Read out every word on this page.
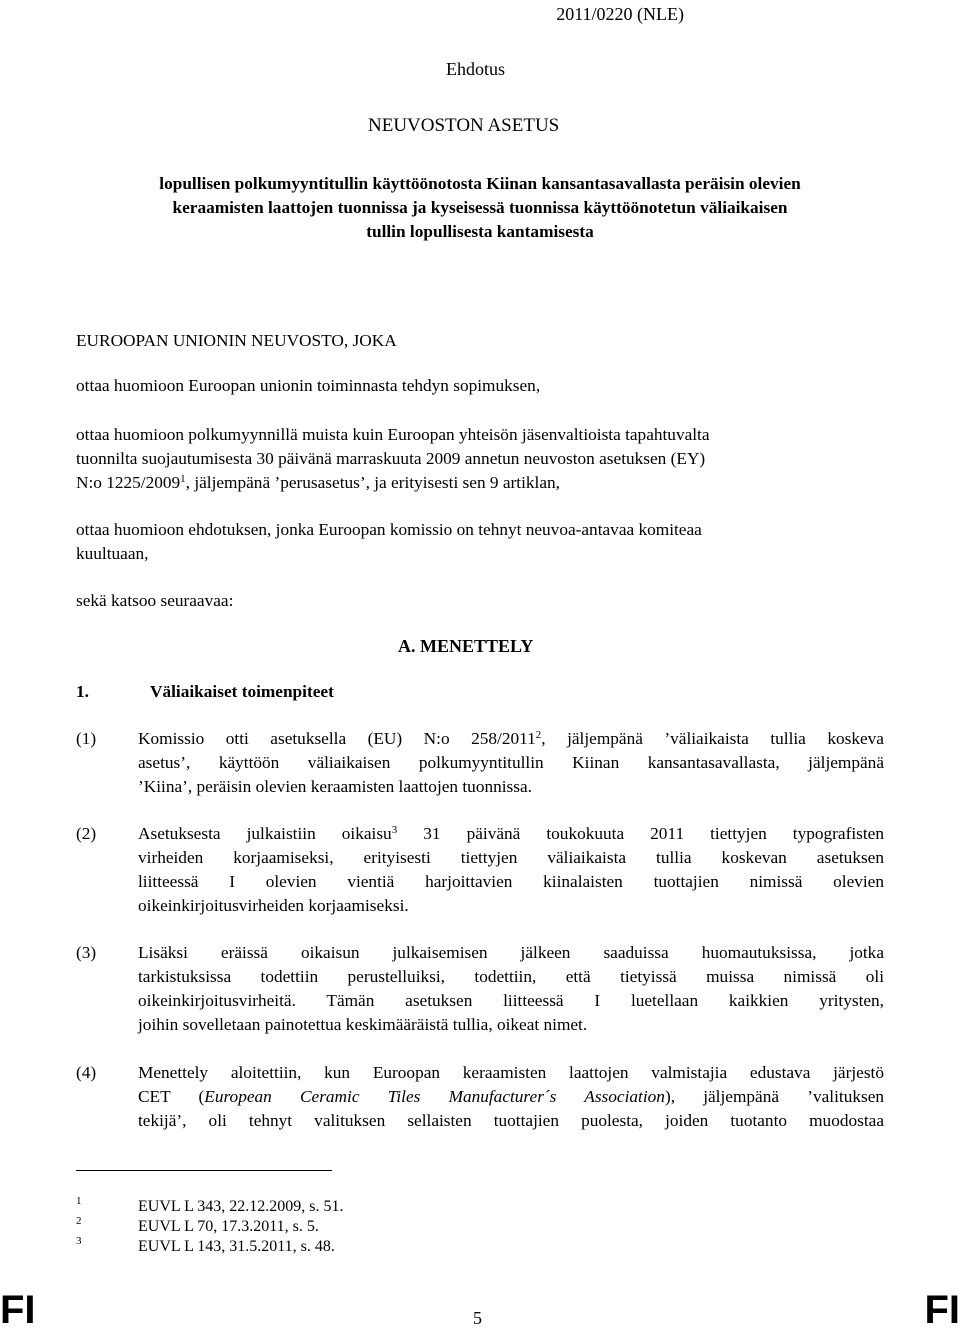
2011/0220 (NLE)
Ehdotus
NEUVOSTON ASETUS
lopullisen polkumyyntitullin käyttöönotosta Kiinan kansantasavallasta peräisin olevien
keraamisten laattojen tuonnissa ja kyseisessä tuonnissa käyttöönotetun väliaikaisen
tullin lopullisesta kantamisesta
EUROOPAN UNIONIN NEUVOSTO, JOKA
ottaa huomioon Euroopan unionin toiminnasta tehdyn sopimuksen,
ottaa huomioon polkumyynnillä muista kuin Euroopan yhteisön jäsenvaltioista tapahtuvalta
tuonnilta suojautumisesta 30 päivänä marraskuuta 2009 annetun neuvoston asetuksen (EY)
N:o 1225/2009$^1$, jäljempänä ’perusasetus’, ja erityisesti sen 9 artiklan,
ottaa huomioon ehdotuksen, jonka Euroopan komissio on tehnyt neuvoa-antavaa komiteaa
kuultuaan,
sekä katsoo seuraavaa:
A. MENETTELY
1.	Väliaikaiset toimenpiteet
(1) Komissio otti asetuksella (EU) N:o 258/2011$^2$, jäljempänä ’väliaikaista tullia koskeva
asetus’, käyttöön väliaikaisen polkumyyntitullin Kiinan kansantasavallasta, jäljempänä
’Kiina’, peräisin olevien keraamisten laattojen tuonnissa.
(2) Asetuksesta julkaistiin oikaisu$^3$ 31 päivänä toukokuuta 2011 tiettyjen typografisten
virheiden korjaamiseksi, erityisesti tiettyjen väliaikaista tullia koskevan asetuksen
liitteessä I olevien vientiä harjoittavien kiinalaisten tuottajien nimissä olevien
oikeinkirjoitusvirheiden korjaamiseksi.
(3) Lisäksi eräissä oikaisun julkaisemisen jälkeen saaduissa huomautuksissa, jotka
tarkistuksissa todettiin perustelluiksi, todettiin, että tietyissä muissa nimissä oli
oikeinkirjoitusvirheitä. Tämän asetuksen liitteessä I luetellaan kaikkien yritysten,
joihin sovelletaan painotettua keskimääräistä tullia, oikeat nimet.
(4) Menettely aloitettiin, kun Euroopan keraamisten laattojen valmistajia edustava järjestö
CET (European Ceramic Tiles Manufacturer´s Association), jäljempänä ’valituksen
tekijä’, oli tehnyt valituksen sellaisten tuottajien puolesta, joiden tuotanto muodostaa
1	EUVL L 343, 22.12.2009, s. 51.
2	EUVL L 70, 17.3.2011, s. 5.
3	EUVL L 143, 31.5.2011, s. 48.
FI	5	FI
